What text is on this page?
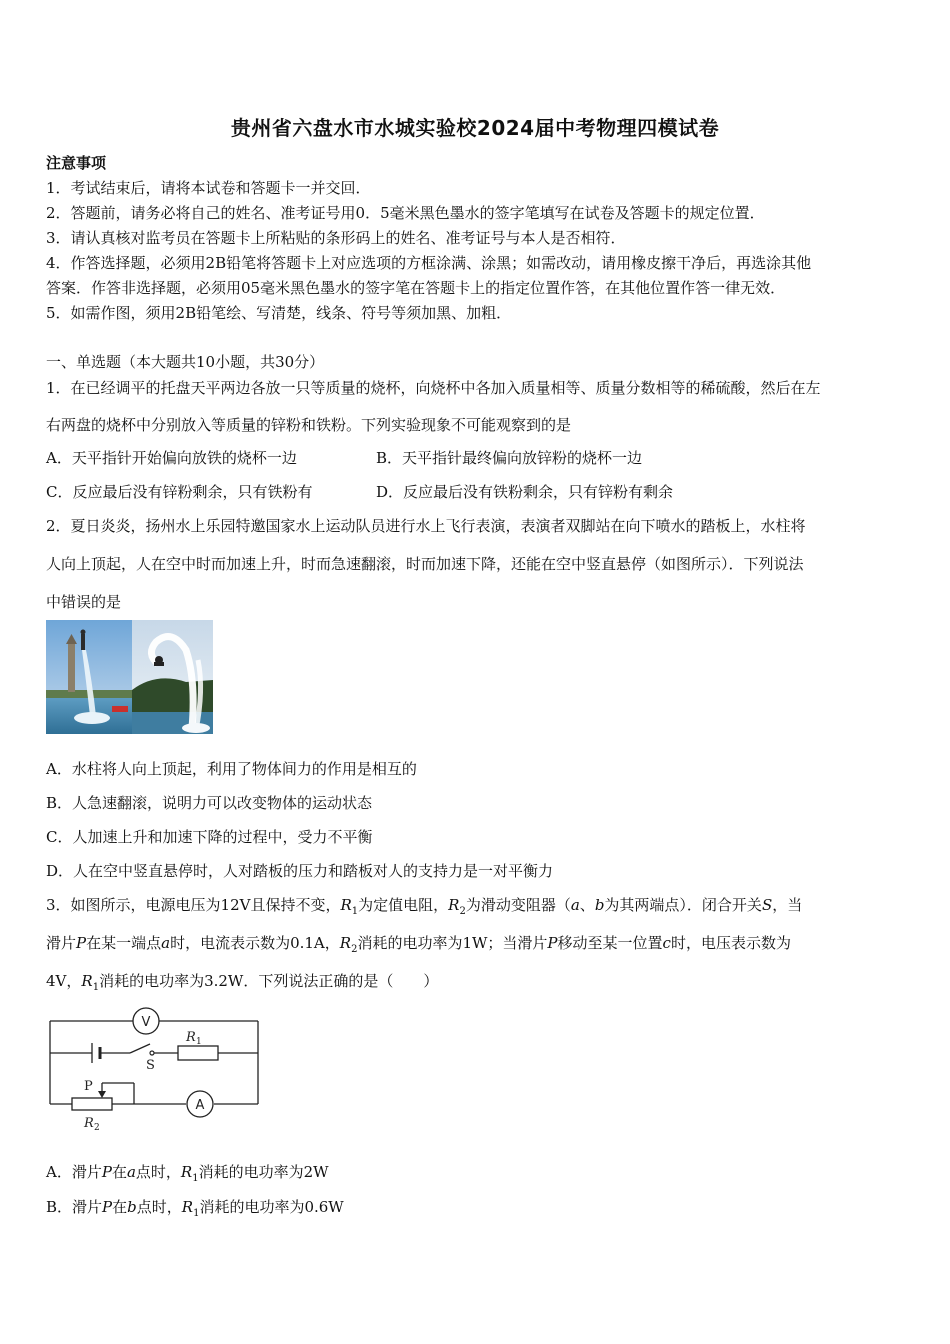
贵州省六盘水市水城实验校2024届中考物理四模试卷
注意事项
1．考试结束后，请将本试卷和答题卡一并交回．
2．答题前，请务必将自己的姓名、准考证号用0．5毫米黑色墨水的签字笔填写在试卷及答题卡的规定位置．
3．请认真核对监考员在答题卡上所粘贴的条形码上的姓名、准考证号与本人是否相符．
4．作答选择题，必须用2B铅笔将答题卡上对应选项的方框涂满、涂黑；如需改动，请用橡皮擦干净后，再选涂其他
答案．作答非选择题，必须用05毫米黑色墨水的签字笔在答题卡上的指定位置作答，在其他位置作答一律无效．
5．如需作图，须用2B铅笔绘、写清楚，线条、符号等须加黑、加粗．
一、单选题（本大题共10小题，共30分）
1．在已经调平的托盘天平两边各放一只等质量的烧杯，向烧杯中各加入质量相等、质量分数相等的稀硫酸，然后在左
右两盘的烧杯中分别放入等质量的锌粉和铁粉。下列实验现象不可能观察到的是
A．天平指针开始偏向放铁的烧杯一边	B．天平指针最终偏向放锌粉的烧杯一边
C．反应最后没有锌粉剩余，只有铁粉有	D．反应最后没有铁粉剩余，只有锌粉有剩余
2．夏日炎炎，扬州水上乐园特邀国家水上运动队员进行水上飞行表演，表演者双脚站在向下喷水的踏板上，水柱将
人向上顶起，人在空中时而加速上升，时而急速翻滚，时而加速下降，还能在空中竖直悬停（如图所示）．下列说法
中错误的是
A．水柱将人向上顶起，利用了物体间力的作用是相互的
B．人急速翻滚，说明力可以改变物体的运动状态
C．人加速上升和加速下降的过程中，受力不平衡
D．人在空中竖直悬停时，人对踏板的压力和踏板对人的支持力是一对平衡力
3．如图所示，电源电压为12V且保持不变，$R_1$为定值电阻，$R_2$为滑动变阻器（a、b为其两端点）．闭合开关S，当
滑片P在某一端点a时，电流表示数为0.1A，$R_2$消耗的电功率为1W；当滑片P移动至某一位置c时，电压表示数为
4V，$R_1$消耗的电功率为3.2W．下列说法正确的是（　　）
V
A
S
R 1
R 2
P
A．滑片P在a点时，$R_1$消耗的电功率为2W
B．滑片P在b点时，$R_1$消耗的电功率为0.6W
